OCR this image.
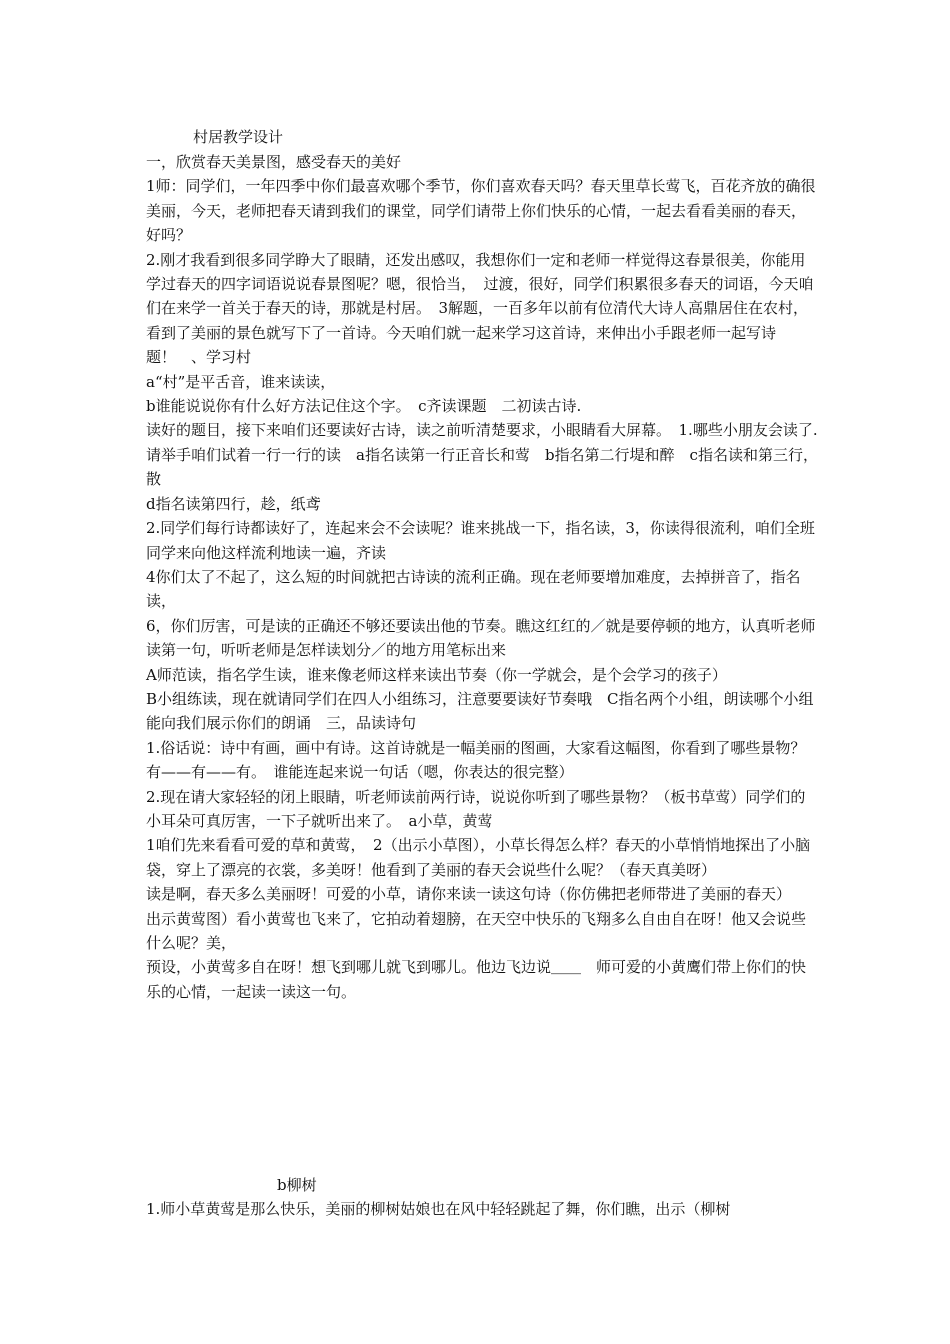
村居教学设计

一，欣赏春天美景图，感受春天的美好

1师：同学们，一年四季中你们最喜欢哪个季节，你们喜欢春天吗？春天里草长莺飞，百花齐放的确很美丽，今天，老师把春天请到我们的课堂，同学们请带上你们快乐的心情，一起去看看美丽的春天，好吗？

2.刚才我看到很多同学睁大了眼睛，还发出感叹，我想你们一定和老师一样觉得这春景很美，你能用学过春天的四字词语说说春景图呢？嗯，很恰当，　过渡，很好，同学们积累很多春天的词语，今天咱们在来学一首关于春天的诗，那就是村居。　3解题，一百多年以前有位清代大诗人高鼎居住在农村，看到了美丽的景色就写下了一首诗。今天咱们就一起来学习这首诗，来伸出小手跟老师一起写诗题！　、学习村

a“村”是平舌音，谁来读读，

b谁能说说你有什么好方法记住这个字。　c齐读课题　二初读古诗.

读好的题目，接下来咱们还要读好古诗，读之前听清楚要求，小眼睛看大屏幕。　1.哪些小朋友会读了.请举手咱们试着一行一行的读　a指名读第一行正音长和莺　b指名第二行堤和醉　c指名读和第三行，散

d指名读第四行，趁，纸鸢

2.同学们每行诗都读好了，连起来会不会读呢？谁来挑战一下，指名读，3，你读得很流利，咱们全班同学来向他这样流利地读一遍，齐读

4你们太了不起了，这么短的时间就把古诗读的流利正确。现在老师要增加难度，去掉拼音了，指名读，

6，你们厉害，可是读的正确还不够还要读出他的节奏。瞧这红红的／就是要停顿的地方，认真听老师读第一句，听听老师是怎样读划分／的地方用笔标出来

A师范读，指名学生读，谁来像老师这样来读出节奏（你一学就会，是个会学习的孩子）

B小组练读，现在就请同学们在四人小组练习，注意要要读好节奏哦　C指名两个小组，朗读哪个小组能向我们展示你们的朗诵　三，品读诗句

1.俗话说：诗中有画，画中有诗。这首诗就是一幅美丽的图画，大家看这幅图，你看到了哪些景物？有——有——有。　谁能连起来说一句话（嗯，你表达的很完整）

2.现在请大家轻轻的闭上眼睛，听老师读前两行诗，说说你听到了哪些景物？（板书草莺）同学们的小耳朵可真厉害，一下子就听出来了。　a小草，黄莺

1咱们先来看看可爱的草和黄莺，　2（出示小草图），小草长得怎么样？春天的小草悄悄地探出了小脑袋，穿上了漂亮的衣裳，多美呀！他看到了美丽的春天会说些什么呢？（春天真美呀）

读是啊，春天多么美丽呀！可爱的小草，请你来读一读这句诗（你仿佛把老师带进了美丽的春天）

出示黄莺图）看小黄莺也飞来了，它拍动着翅膀，在天空中快乐的飞翔多么自由自在呀！他又会说些什么呢？美，

预设，小黄莺多自在呀！想飞到哪儿就飞到哪儿。他边飞边说＿＿　师可爱的小黄鹰们带上你们的快乐的心情，一起读一读这一句。

b柳树
1.师小草黄莺是那么快乐，美丽的柳树姑娘也在风中轻轻跳起了舞，你们瞧，出示（柳树
